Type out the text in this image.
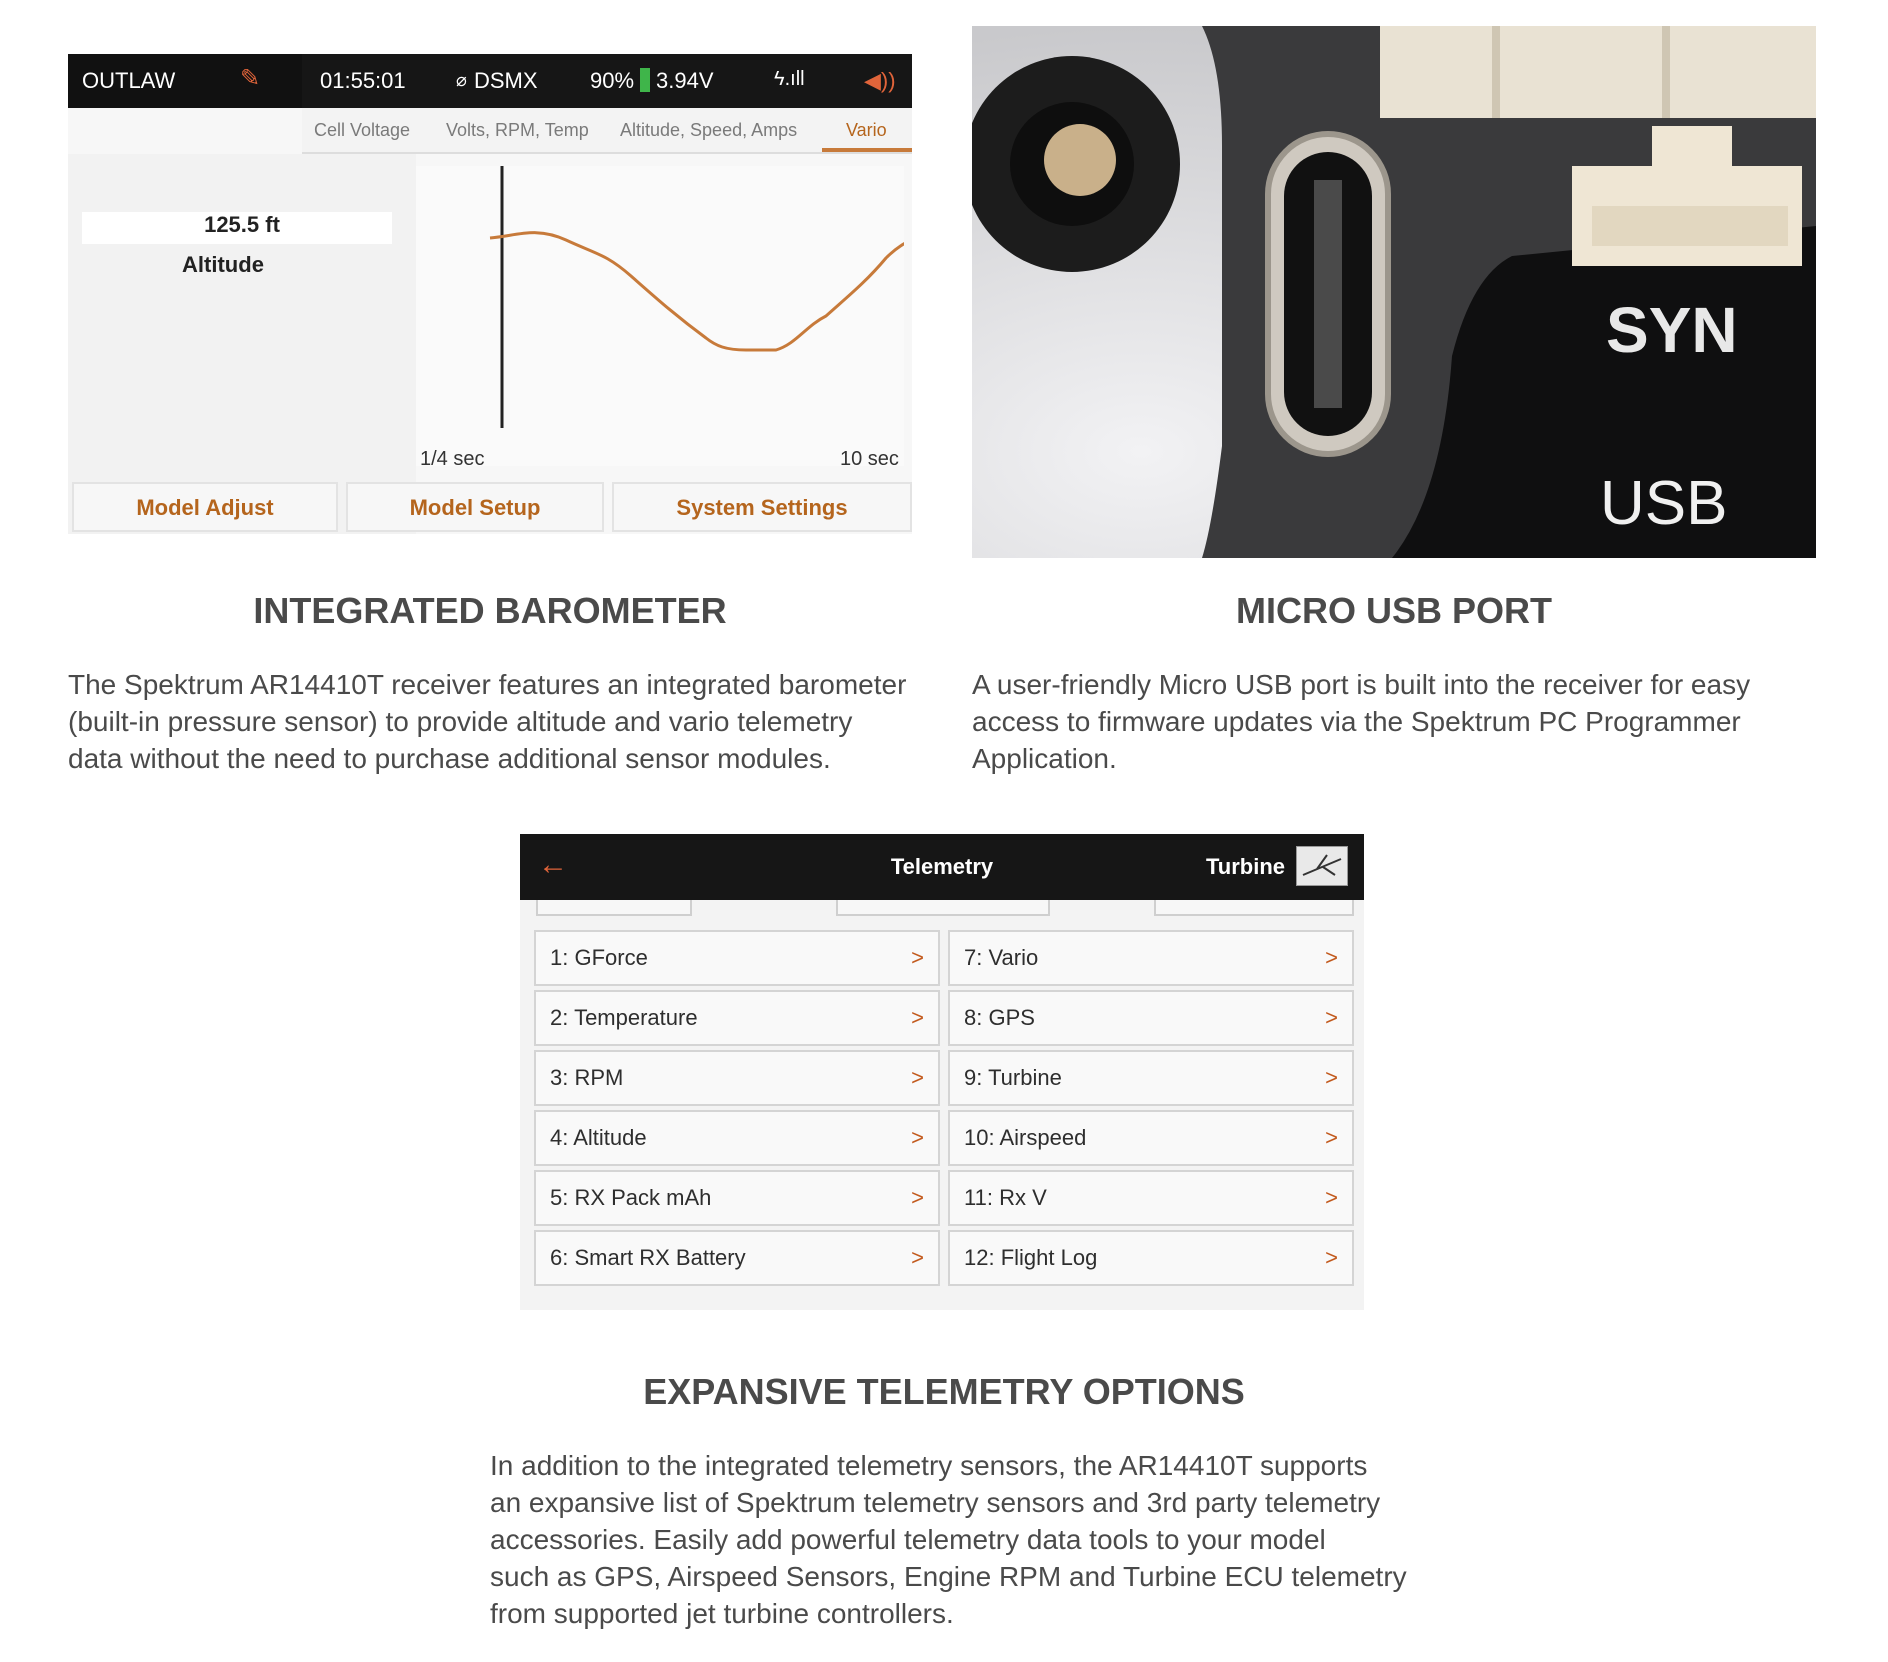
OUTLAW	✎	01:55:01	⌀ DSMX 90% 3.94V	ϟ.ıll	◀))
Cell Voltage Volts, RPM, Temp Altitude, Speed, Amps	Vario
125.5 ft
Altitude
1/4 sec	10 sec
Model Adjust	Model Setup	System Settings
SYN
USB
INTEGRATED BAROMETER
The Spektrum AR14410T receiver features an integrated barometer
(built-in pressure sensor) to provide altitude and vario telemetry
data without the need to purchase additional sensor modules.
MICRO USB PORT
A user-friendly Micro USB port is built into the receiver for easy
access to firmware updates via the Spektrum PC Programmer
Application.
Telemetry	Turbine
←
1: GForce	>
2: Temperature	>
3: RPM	>
4: Altitude	>
5: RX Pack mAh	>
6: Smart RX Battery	>
7: Vario	>
8: GPS	>
9: Turbine	>
10: Airspeed	>
11: Rx V	>
12: Flight Log	>
EXPANSIVE TELEMETRY OPTIONS
In addition to the integrated telemetry sensors, the AR14410T supports
an expansive list of Spektrum telemetry sensors and 3rd party telemetry
accessories. Easily add powerful telemetry data tools to your model
such as GPS, Airspeed Sensors, Engine RPM and Turbine ECU telemetry
from supported jet turbine controllers.
